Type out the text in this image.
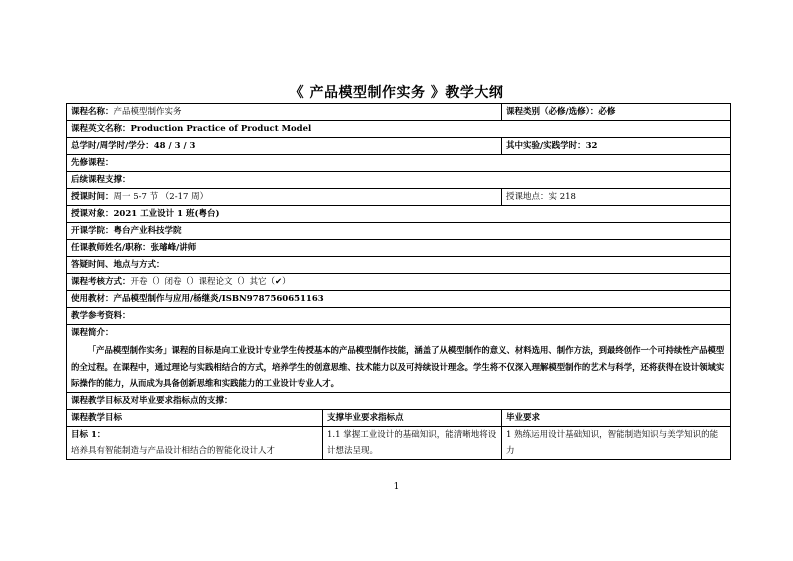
《 产品模型制作实务 》教学大纲
课程名称：产品模型制作实务		课程类别（必修/选修）：必修
课程英文名称：Production Practice of Product Model		
总学时/周学时/学分：48 / 3 / 3		其中实验/实践学时：32
先修课程：		
后续课程支撑：		
授课时间：周一 5-7 节 （2-17 周）		授课地点：实 218
授课对象：2021 工业设计 1 班(粤台)		
开课学院：粤台产业科技学院		
任课教师姓名/职称：张璿峰/讲师		
答疑时间、地点与方式：		
课程考核方式：开卷（）闭卷（）课程论文（）其它（✔）		
使用教材：产品模型制作与应用/杨继炎/ISBN9787560651163		
教学参考资料：		

课程简介：
「产品模型制作实务」课程的目标是向工业设计专业学生传授基本的产品模型制作技能，涵盖了从模型制作的意义、材料选用、制作方法，到最终创作一个可持续性产品模型的全过程。在课程中，通过理论与实践相结合的方式，培养学生的创意思维、技术能力以及可持续设计理念。学生将不仅深入理解模型制作的艺术与科学，还将获得在设计领域实际操作的能力，从而成为具备创新思维和实践能力的工业设计专业人才。		

课程教学目标及对毕业要求指标点的支撑：		
课程教学目标	支撑毕业要求指标点	毕业要求

目标 1：
培养具有智能制造与产品设计相结合的智能化设计人才	1.1 掌握工业设计的基础知识，能清晰地将设计想法呈现。	1 熟练运用设计基础知识，智能制造知识与美学知识的能力
1
